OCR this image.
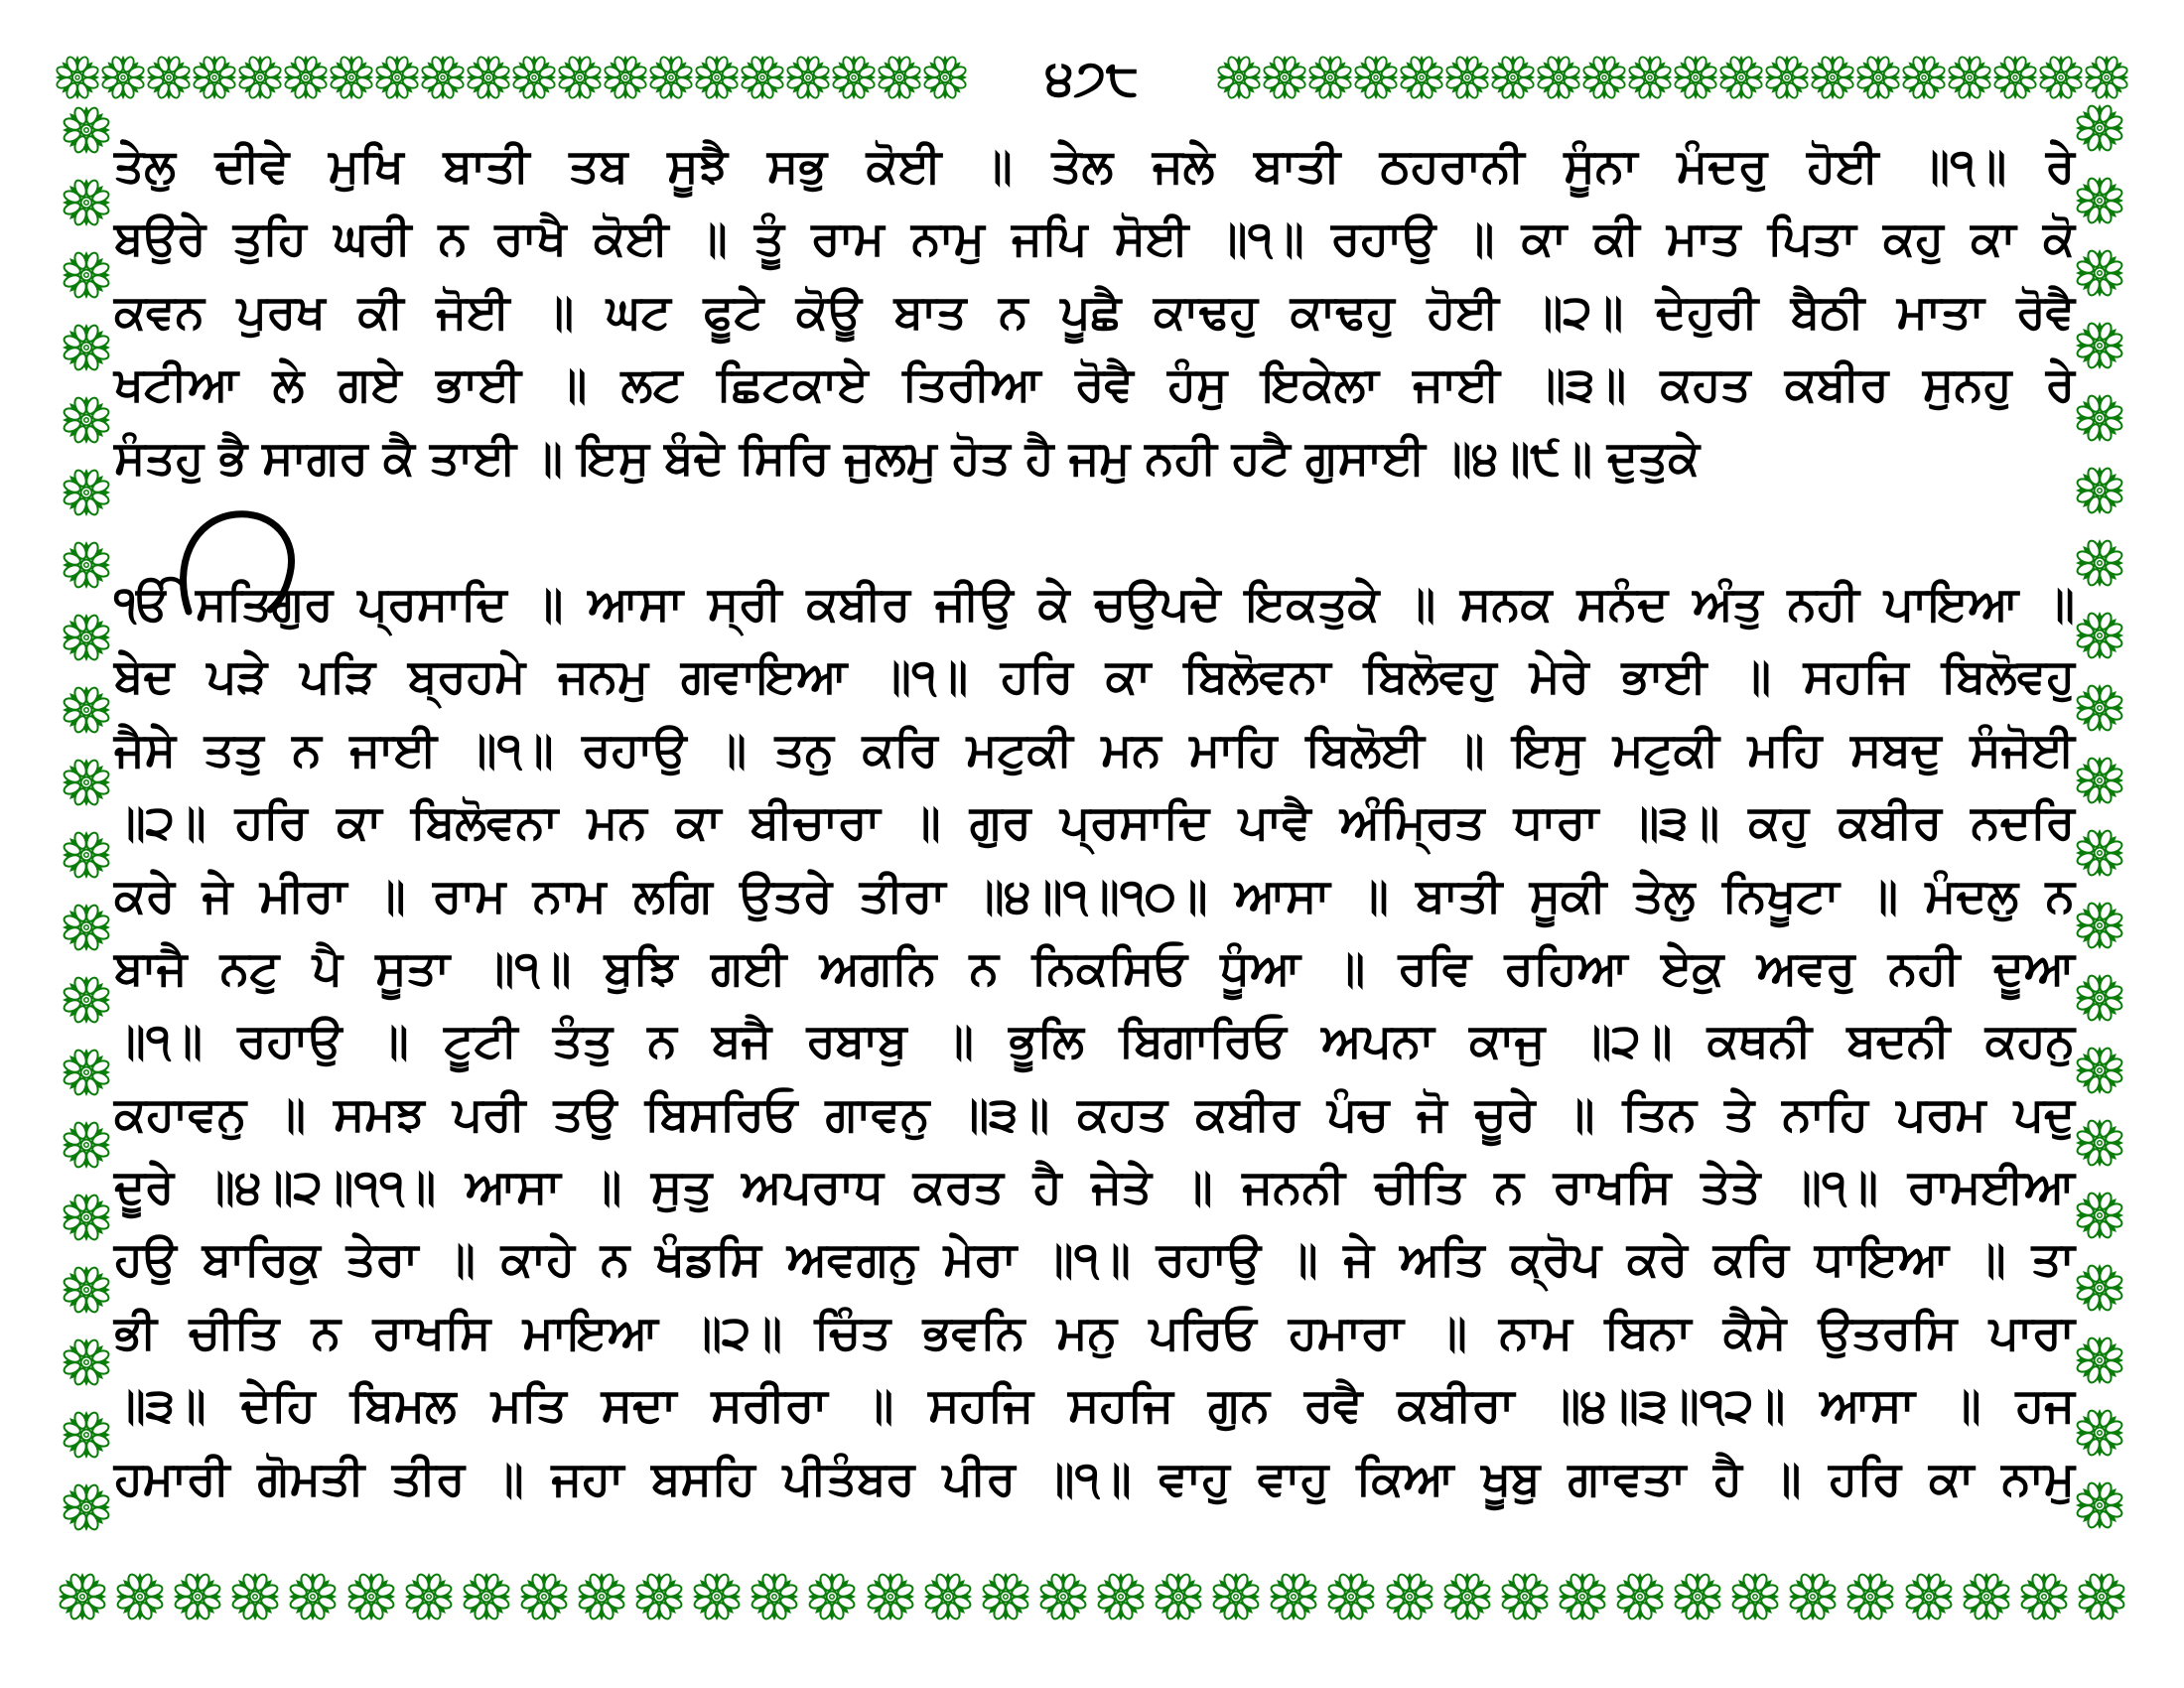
੪੭੮
ਤੇਲੁ ਦੀਵੇ ਮੁਖਿ ਬਾਤੀ ਤਬ ਸੂਝੈ ਸਭੁ ਕੋਈ ॥ ਤੇਲ ਜਲੇ ਬਾਤੀ ਠਹਰਾਨੀ ਸੂੰਨਾ ਮੰਦਰੁ ਹੋਈ ॥੧॥ ਰੇ
ਬਉਰੇ ਤੁਹਿ ਘਰੀ ਨ ਰਾਖੈ ਕੋਈ ॥ ਤੂੰ ਰਾਮ ਨਾਮੁ ਜਪਿ ਸੋਈ ॥੧॥ ਰਹਾਉ ॥ ਕਾ ਕੀ ਮਾਤ ਪਿਤਾ ਕਹੁ ਕਾ ਕੋ
ਕਵਨ ਪੁਰਖ ਕੀ ਜੋਈ ॥ ਘਟ ਫੂਟੇ ਕੋਊ ਬਾਤ ਨ ਪੂਛੈ ਕਾਢਹੁ ਕਾਢਹੁ ਹੋਈ ॥੨॥ ਦੇਹੁਰੀ ਬੈਠੀ ਮਾਤਾ ਰੋਵੈ
ਖਟੀਆ ਲੇ ਗਏ ਭਾਈ ॥ ਲਟ ਛਿਟਕਾਏ ਤਿਰੀਆ ਰੋਵੈ ਹੰਸੁ ਇਕੇਲਾ ਜਾਈ ॥੩॥ ਕਹਤ ਕਬੀਰ ਸੁਨਹੁ ਰੇ
ਸੰਤਹੁ ਭੈ ਸਾਗਰ ਕੈ ਤਾਈ ॥ ਇਸੁ ਬੰਦੇ ਸਿਰਿ ਜੁਲਮੁ ਹੋਤ ਹੈ ਜਮੁ ਨਹੀ ਹਟੈ ਗੁਸਾਈ ॥੪॥੯॥ ਦੁਤੁਕੇ
ੴ ਸਤਿਗੁਰ ਪ੍ਰਸਾਦਿ ॥ ਆਸਾ ਸ੍ਰੀ ਕਬੀਰ ਜੀਉ ਕੇ ਚਉਪਦੇ ਇਕਤੁਕੇ ॥ ਸਨਕ ਸਨੰਦ ਅੰਤੁ ਨਹੀ ਪਾਇਆ ॥
ਬੇਦ ਪੜੇ ਪੜਿ ਬ੍ਰਹਮੇ ਜਨਮੁ ਗਵਾਇਆ ॥੧॥ ਹਰਿ ਕਾ ਬਿਲੋਵਨਾ ਬਿਲੋਵਹੁ ਮੇਰੇ ਭਾਈ ॥ ਸਹਜਿ ਬਿਲੋਵਹੁ
ਜੈਸੇ ਤਤੁ ਨ ਜਾਈ ॥੧॥ ਰਹਾਉ ॥ ਤਨੁ ਕਰਿ ਮਟੁਕੀ ਮਨ ਮਾਹਿ ਬਿਲੋਈ ॥ ਇਸੁ ਮਟੁਕੀ ਮਹਿ ਸਬਦੁ ਸੰਜੋਈ
॥੨॥ ਹਰਿ ਕਾ ਬਿਲੋਵਨਾ ਮਨ ਕਾ ਬੀਚਾਰਾ ॥ ਗੁਰ ਪ੍ਰਸਾਦਿ ਪਾਵੈ ਅੰਮ੍ਰਿਤ ਧਾਰਾ ॥੩॥ ਕਹੁ ਕਬੀਰ ਨਦਰਿ
ਕਰੇ ਜੇ ਮੀਰਾ ॥ ਰਾਮ ਨਾਮ ਲਗਿ ਉਤਰੇ ਤੀਰਾ ॥੪॥੧॥੧੦॥ ਆਸਾ ॥ ਬਾਤੀ ਸੂਕੀ ਤੇਲੁ ਨਿਖੂਟਾ ॥ ਮੰਦਲੁ ਨ
ਬਾਜੈ ਨਟੁ ਪੈ ਸੂਤਾ ॥੧॥ ਬੁਝਿ ਗਈ ਅਗਨਿ ਨ ਨਿਕਸਿਓ ਧੂੰਆ ॥ ਰਵਿ ਰਹਿਆ ਏਕੁ ਅਵਰੁ ਨਹੀ ਦੂਆ
॥੧॥ ਰਹਾਉ ॥ ਟੂਟੀ ਤੰਤੁ ਨ ਬਜੈ ਰਬਾਬੁ ॥ ਭੂਲਿ ਬਿਗਾਰਿਓ ਅਪਨਾ ਕਾਜੁ ॥੨॥ ਕਥਨੀ ਬਦਨੀ ਕਹਨੁ
ਕਹਾਵਨੁ ॥ ਸਮਝ ਪਰੀ ਤਉ ਬਿਸਰਿਓ ਗਾਵਨੁ ॥੩॥ ਕਹਤ ਕਬੀਰ ਪੰਚ ਜੋ ਚੂਰੇ ॥ ਤਿਨ ਤੇ ਨਾਹਿ ਪਰਮ ਪਦੁ
ਦੂਰੇ ॥੪॥੨॥੧੧॥ ਆਸਾ ॥ ਸੁਤੁ ਅਪਰਾਧ ਕਰਤ ਹੈ ਜੇਤੇ ॥ ਜਨਨੀ ਚੀਤਿ ਨ ਰਾਖਸਿ ਤੇਤੇ ॥੧॥ ਰਾਮਈਆ
ਹਉ ਬਾਰਿਕੁ ਤੇਰਾ ॥ ਕਾਹੇ ਨ ਖੰਡਸਿ ਅਵਗਨੁ ਮੇਰਾ ॥੧॥ ਰਹਾਉ ॥ ਜੇ ਅਤਿ ਕ੍ਰੋਪ ਕਰੇ ਕਰਿ ਧਾਇਆ ॥ ਤਾ
ਭੀ ਚੀਤਿ ਨ ਰਾਖਸਿ ਮਾਇਆ ॥੨॥ ਚਿੰਤ ਭਵਨਿ ਮਨੁ ਪਰਿਓ ਹਮਾਰਾ ॥ ਨਾਮ ਬਿਨਾ ਕੈਸੇ ਉਤਰਸਿ ਪਾਰਾ
॥੩॥ ਦੇਹਿ ਬਿਮਲ ਮਤਿ ਸਦਾ ਸਰੀਰਾ ॥ ਸਹਜਿ ਸਹਜਿ ਗੁਨ ਰਵੈ ਕਬੀਰਾ ॥੪॥੩॥੧੨॥ ਆਸਾ ॥ ਹਜ
ਹਮਾਰੀ ਗੋਮਤੀ ਤੀਰ ॥ ਜਹਾ ਬਸਹਿ ਪੀਤੰਬਰ ਪੀਰ ॥੧॥ ਵਾਹੁ ਵਾਹੁ ਕਿਆ ਖੂਬੁ ਗਾਵਤਾ ਹੈ ॥ ਹਰਿ ਕਾ ਨਾਮੁ
